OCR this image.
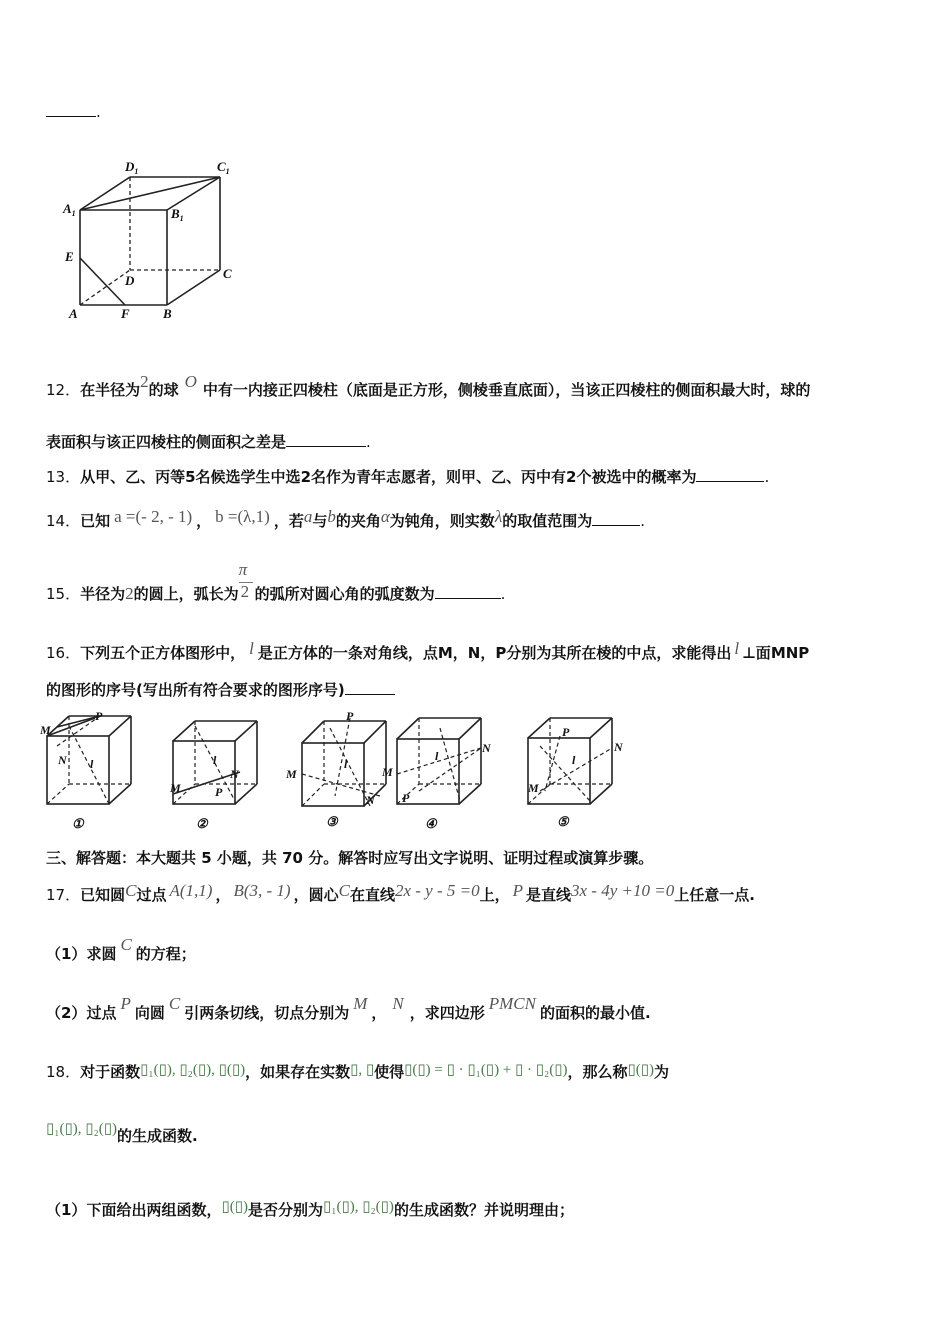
.
$D_1$	$C_1$
$A_1$	$B_1$
E
D	C
A	F	B
12．在半径为2的球 O 中有一内接正四棱柱（底面是正方形，侧棱垂直底面），当该正四棱柱的侧面积最大时，球的
表面积与该正四棱柱的侧面积之差是	.
13．从甲、乙、丙等5名候选学生中选2名作为青年志愿者，则甲、乙、丙中有2个被选中的概率为	.
14．已知 a =(- 2, - 1) ， b =(λ,1) ，若a与b的夹角α为钝角，则实数λ的取值范围为	.
15．半径为2的圆上，弧长为 $\frac{\pi}{2}$ 的弧所对圆心角的弧度数为	.
16．下列五个正方体图形中， l 是正方体的一条对角线，点M，N，P分别为其所在棱的中点，求能得出 l ⊥面MNP
的图形的序号(写出所有符合要求的图形序号)
M
P
N l
M
N
P
l
M
P
N
l
M
N
P
l
M
P
N
l
①	②	③	④	⑤
三、解答题：本大题共 5 小题，共 70 分。解答时应写出文字说明、证明过程或演算步骤。
17．已知圆C过点 A(1,1) ， B(3, - 1) ，圆心C在直线2x - y - 5 =0上， P 是直线3x - 4y +10 =0上任意一点.
（1）求圆 C 的方程；
（2）过点 P 向圆 C 引两条切线，切点分别为 M ， N ，求四边形 PMCN 的面积的最小值.
18．对于函数▯₁(▯), ▯₂(▯), ▯(▯)，如果存在实数▯, ▯使得▯(▯) = ▯ · ▯₁(▯) + ▯ · ▯₂(▯)，那么称▯(▯)为
▯₁(▯), ▯₂(▯)的生成函数.
（1）下面给出两组函数，▯(▯)是否分别为▯₁(▯), ▯₂(▯)的生成函数？并说明理由；
